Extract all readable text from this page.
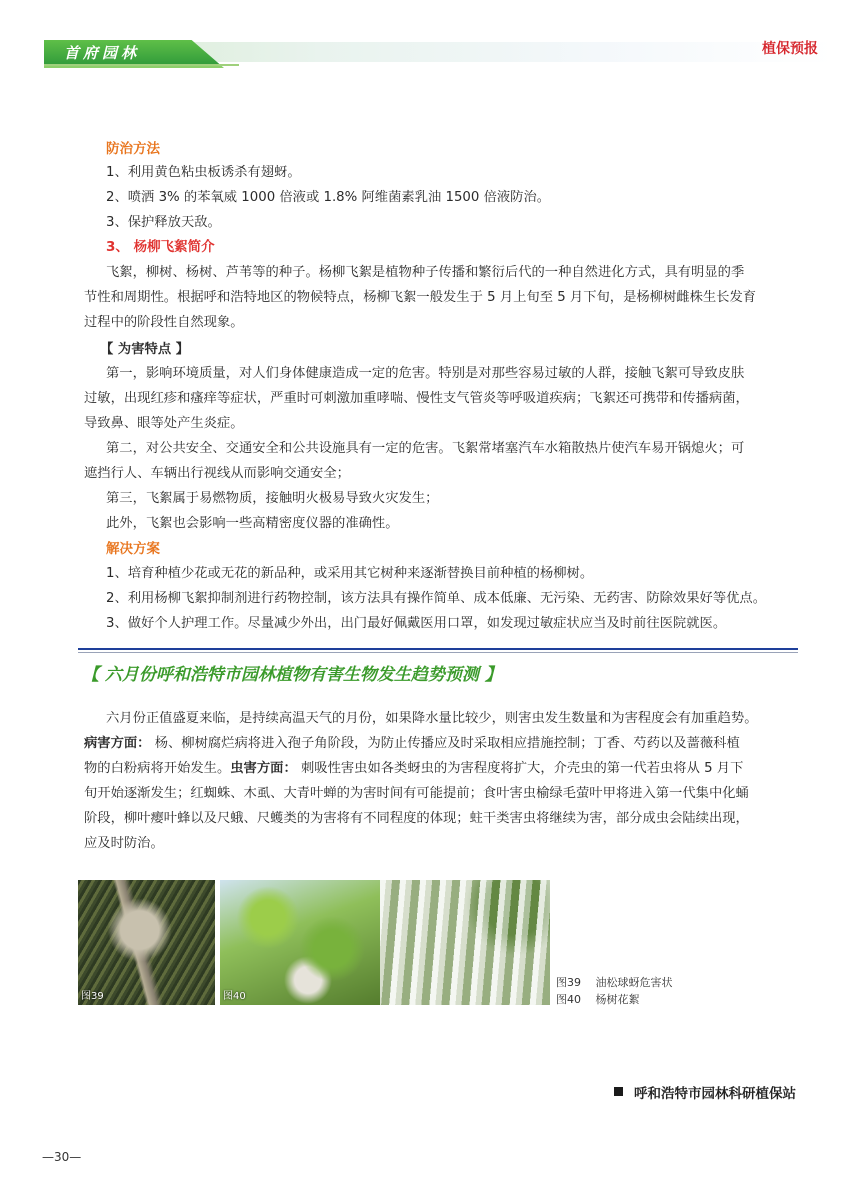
首府园林	植保预报
防治方法
1、利用黄色粘虫板诱杀有翅蚜。
2、喷洒 3% 的苯氧威 1000 倍液或 1.8% 阿维菌素乳油 1500 倍液防治。
3、保护释放天敌。
3、 杨柳飞絮简介
飞絮，柳树、杨树、芦苇等的种子。杨柳飞絮是植物种子传播和繁衍后代的一种自然进化方式，具有明显的季
节性和周期性。根据呼和浩特地区的物候特点，杨柳飞絮一般发生于 5 月上旬至 5 月下旬，是杨柳树雌株生长发育
过程中的阶段性自然现象。
【 为害特点 】
第一，影响环境质量，对人们身体健康造成一定的危害。特别是对那些容易过敏的人群，接触飞絮可导致皮肤
过敏，出现红疹和瘙痒等症状，严重时可刺激加重哮喘、慢性支气管炎等呼吸道疾病；飞絮还可携带和传播病菌，
导致鼻、眼等处产生炎症。
第二，对公共安全、交通安全和公共设施具有一定的危害。飞絮常堵塞汽车水箱散热片使汽车易开锅熄火；可
遮挡行人、车辆出行视线从而影响交通安全；
第三，飞絮属于易燃物质，接触明火极易导致火灾发生；
此外，飞絮也会影响一些高精密度仪器的准确性。
解决方案
1、培育种植少花或无花的新品种，或采用其它树种来逐渐替换目前种植的杨柳树。
2、利用杨柳飞絮抑制剂进行药物控制，该方法具有操作简单、成本低廉、无污染、无药害、防除效果好等优点。
3、做好个人护理工作。尽量减少外出，出门最好佩戴医用口罩，如发现过敏症状应当及时前往医院就医。
【 六月份呼和浩特市园林植物有害生物发生趋势预测 】
六月份正值盛夏来临，是持续高温天气的月份，如果降水量比较少，则害虫发生数量和为害程度会有加重趋势。
病害方面： 杨、柳树腐烂病将进入孢子角阶段，为防止传播应及时采取相应措施控制；丁香、芍药以及蔷薇科植
物的白粉病将开始发生。虫害方面： 刺吸性害虫如各类蚜虫的为害程度将扩大，介壳虫的第一代若虫将从 5 月下
旬开始逐渐发生；红蜘蛛、木虱、大青叶蝉的为害时间有可能提前；食叶害虫榆绿毛萤叶甲将进入第一代集中化蛹
阶段，柳叶瘿叶蜂以及尺蛾、尺蠖类的为害将有不同程度的体现；蛀干类害虫将继续为害，部分成虫会陆续出现，
应及时防治。
图39	图40
图39　 油松球蚜危害状
图40　 杨树花絮
呼和浩特市园林科研植保站
—30—
